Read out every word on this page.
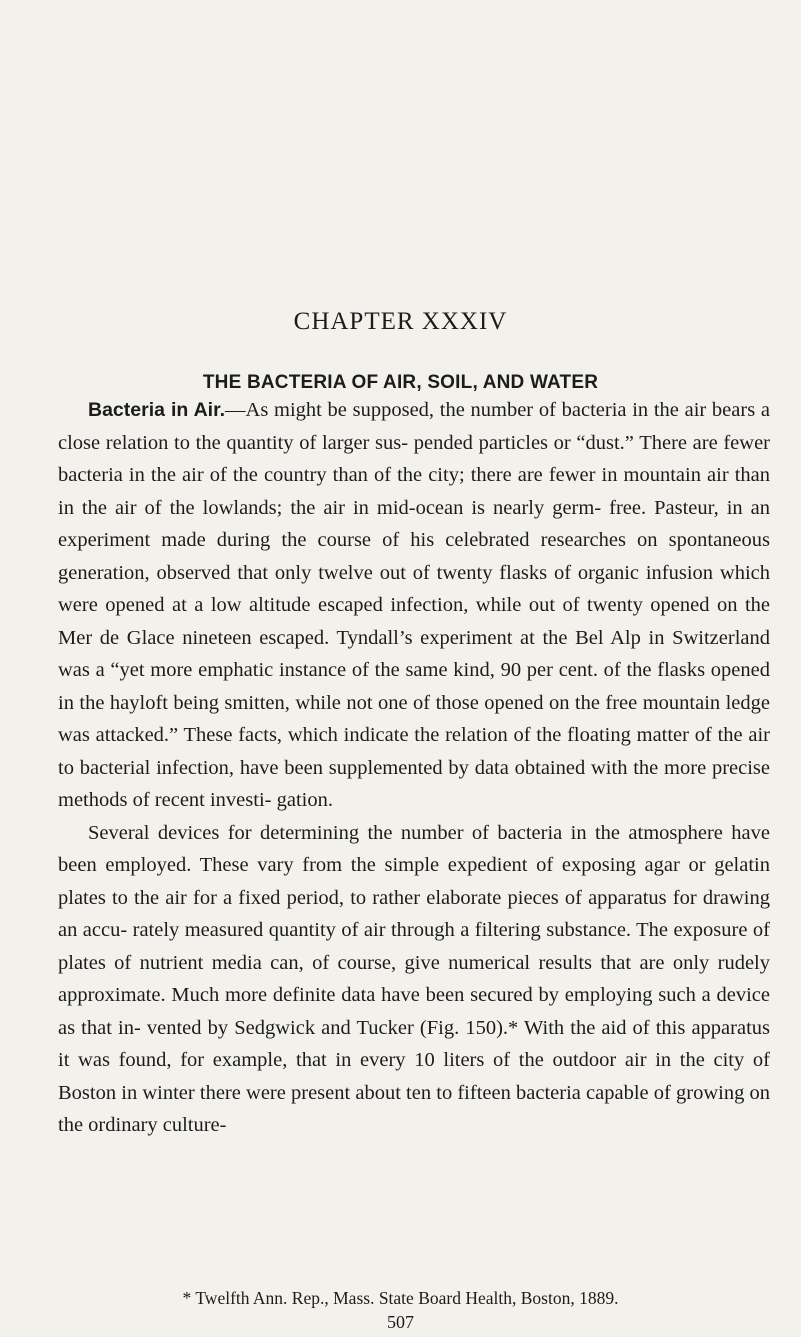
CHAPTER XXXIV
THE BACTERIA OF AIR, SOIL, AND WATER

Bacteria in Air.—As might be supposed, the number of bacteria in the air bears a close relation to the quantity of larger sus- pended particles or “dust.” There are fewer bacteria in the air of the country than of the city; there are fewer in mountain air than in the air of the lowlands; the air in mid-ocean is nearly germ- free. Pasteur, in an experiment made during the course of his celebrated researches on spontaneous generation, observed that only twelve out of twenty flasks of organic infusion which were opened at a low altitude escaped infection, while out of twenty opened on the Mer de Glace nineteen escaped. Tyndall’s experiment at the Bel Alp in Switzerland was a “yet more emphatic instance of the same kind, 90 per cent. of the flasks opened in the hayloft being smitten, while not one of those opened on the free mountain ledge was attacked.” These facts, which indicate the relation of the floating matter of the air to bacterial infection, have been supplemented by data obtained with the more precise methods of recent investi- gation.

Several devices for determining the number of bacteria in the atmosphere have been employed. These vary from the simple expedient of exposing agar or gelatin plates to the air for a fixed period, to rather elaborate pieces of apparatus for drawing an accu- rately measured quantity of air through a filtering substance. The exposure of plates of nutrient media can, of course, give numerical results that are only rudely approximate. Much more definite data have been secured by employing such a device as that in- vented by Sedgwick and Tucker (Fig. 150).* With the aid of this apparatus it was found, for example, that in every 10 liters of the outdoor air in the city of Boston in winter there were present about ten to fifteen bacteria capable of growing on the ordinary culture-

* Twelfth Ann. Rep., Mass. State Board Health, Boston, 1889.

507
